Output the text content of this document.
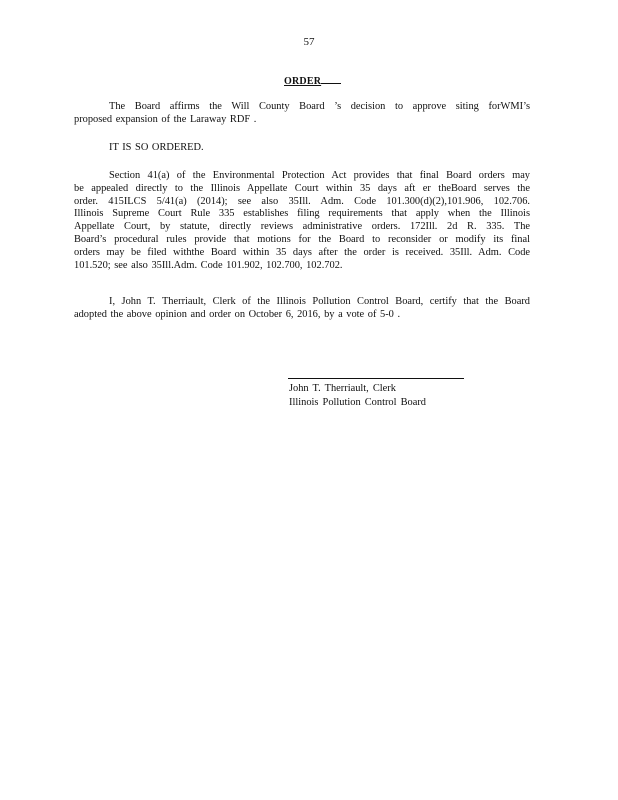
57
ORDER
The Board affirms the Will County Board ’s decision to approve siting forWMI’s
proposed expansion of the Laraway RDF .
IT IS SO ORDERED.
Section 41(a) of the Environmental Protection Act provides that final Board orders may
be appealed directly to the Illinois Appellate Court within 35 days aft er theBoard serves the
order. 415ILCS 5/41(a) (2014); see also 35Ill. Adm. Code 101.300(d)(2),101.906, 102.706.
Illinois Supreme Court Rule 335 establishes filing requirements that apply when the Illinois
Appellate Court, by statute, directly reviews administrative orders. 172Ill. 2d R. 335. The
Board’s procedural rules provide that motions for the Board to reconsider or modify its final
orders may be filed withthe Board within 35 days after the order is received. 35Ill. Adm. Code
101.520; see also 35Ill.Adm. Code 101.902, 102.700, 102.702.
I, John T. Therriault, Clerk of the Illinois Pollution Control Board, certify that the Board
adopted the above opinion and order on October 6, 2016, by a vote of 5-0 .
John T. Therriault, Clerk
Illinois Pollution Control Board
